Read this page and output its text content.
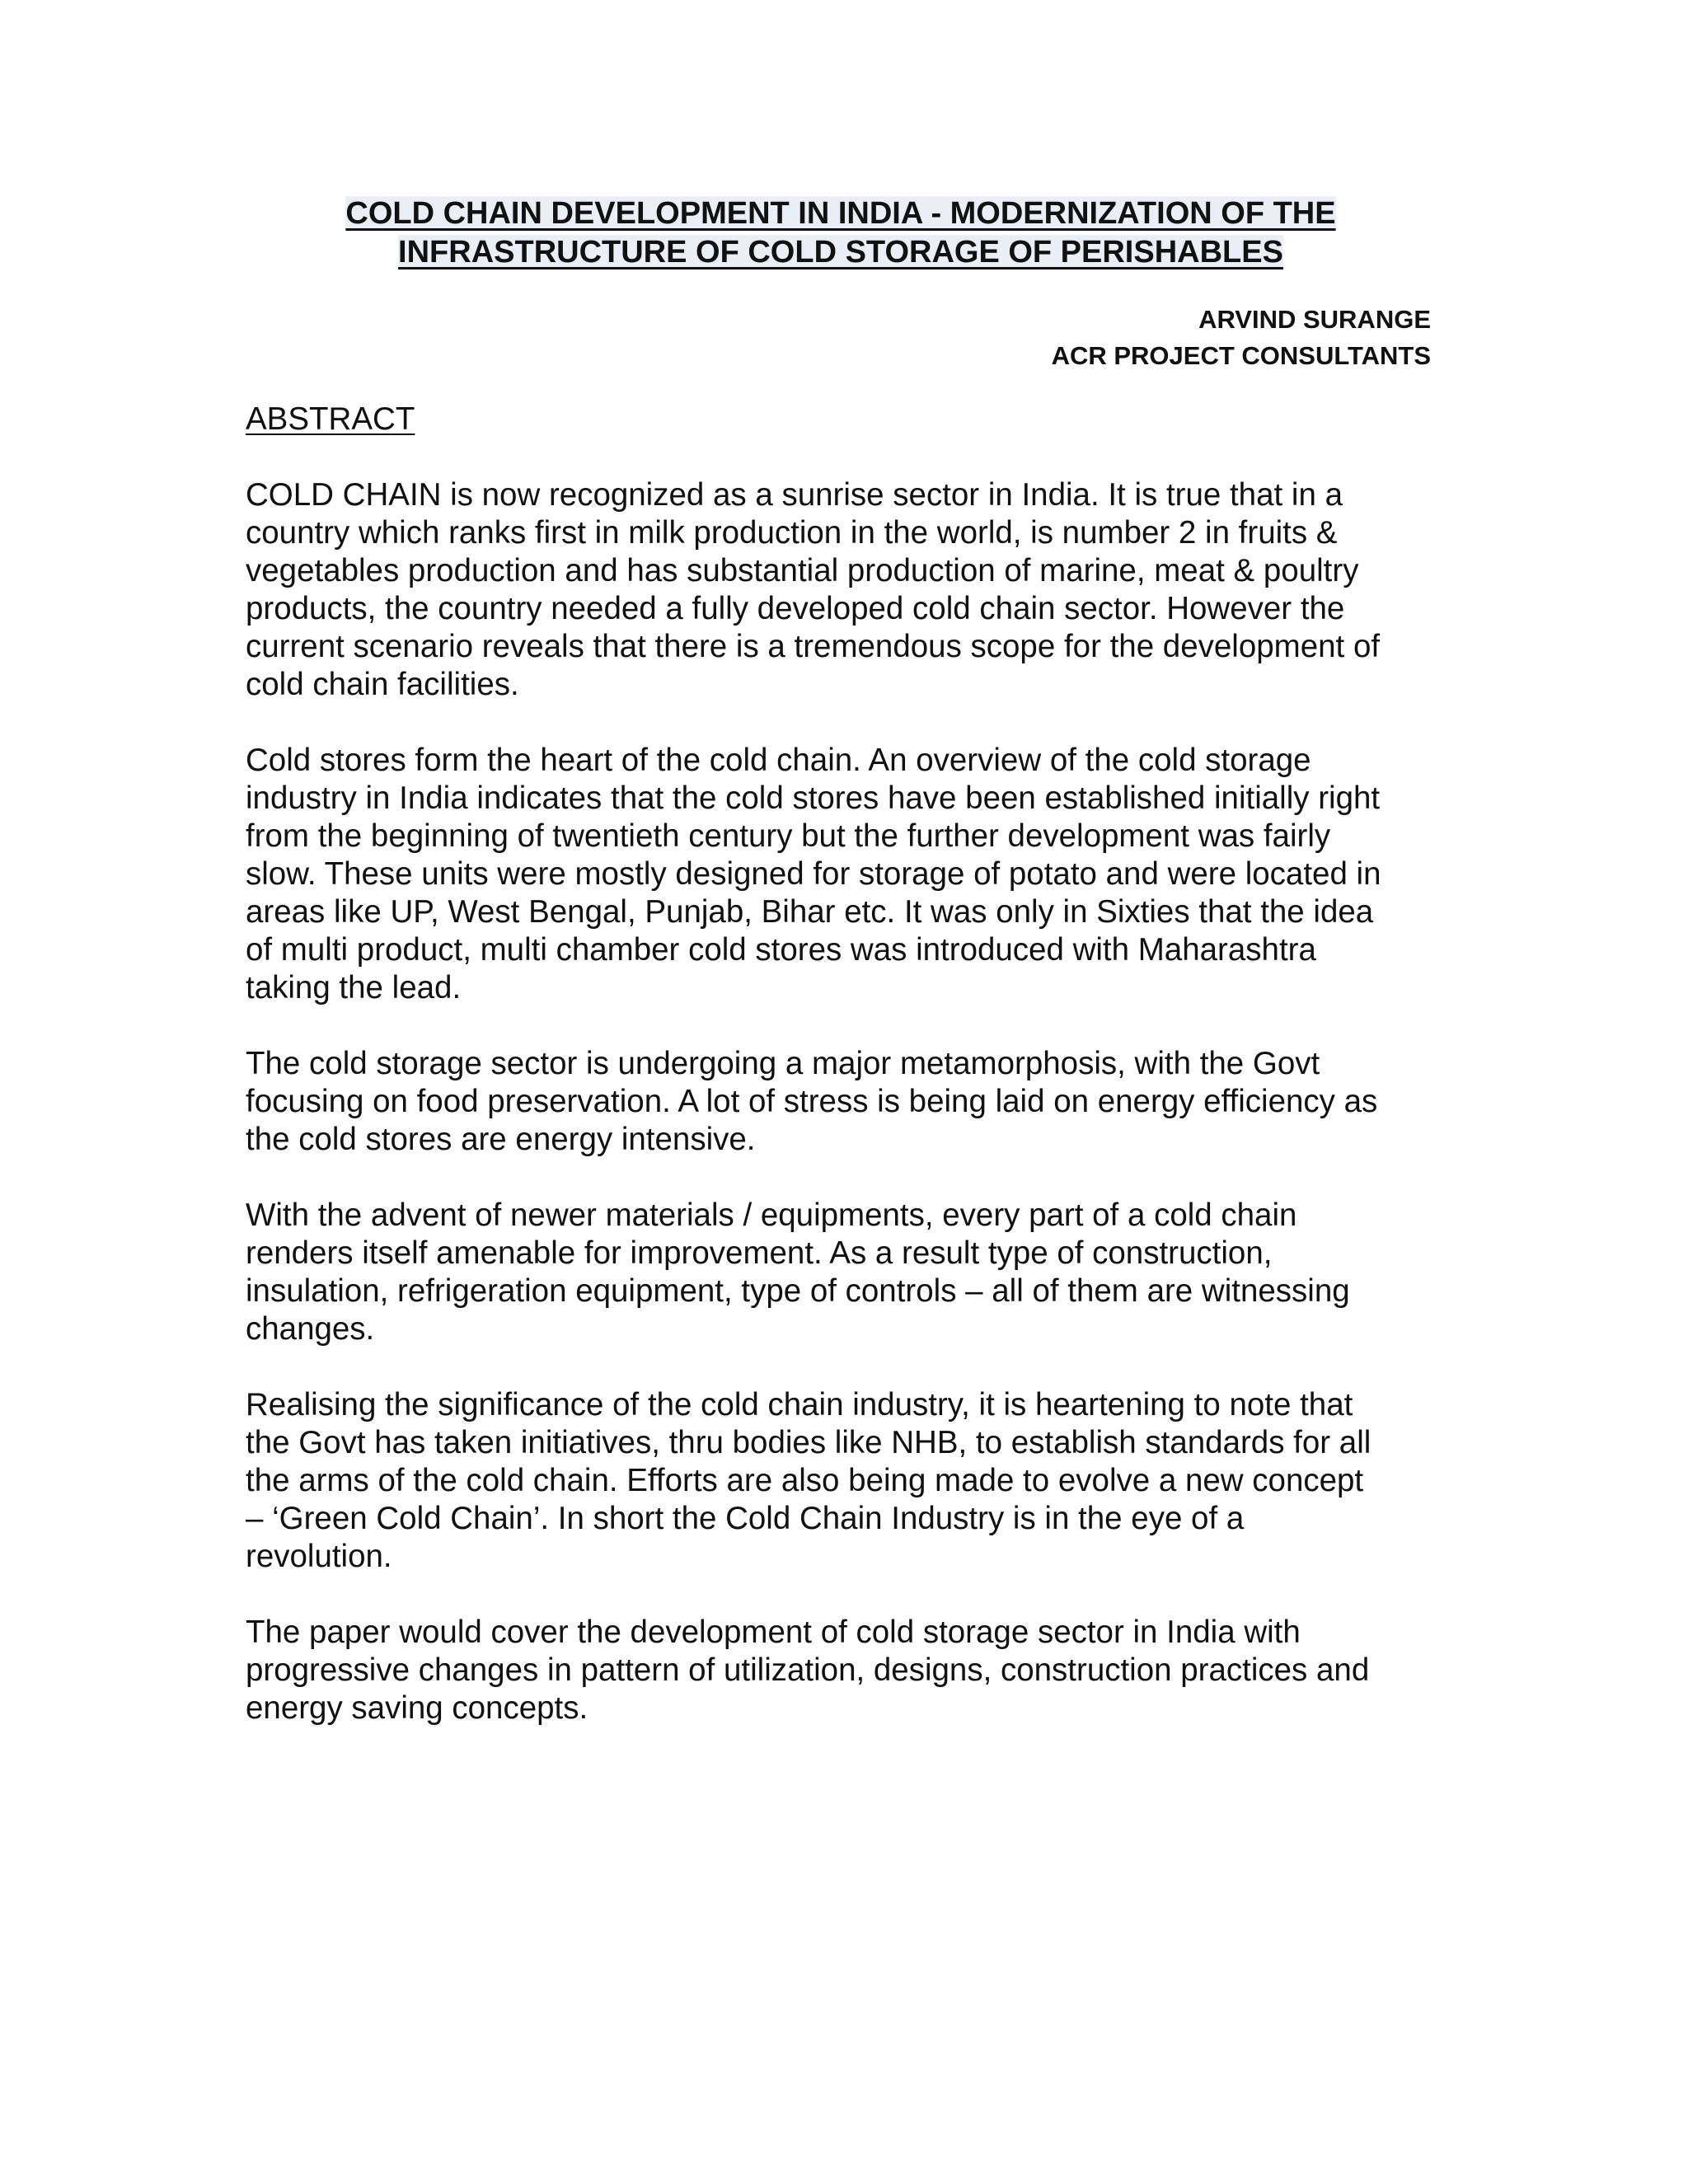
COLD CHAIN DEVELOPMENT IN INDIA - MODERNIZATION OF THE
INFRASTRUCTURE OF COLD STORAGE OF PERISHABLES
ARVIND SURANGE
ACR PROJECT CONSULTANTS
ABSTRACT
COLD CHAIN is now recognized as a sunrise sector in India. It is true that in a
country which ranks first in milk production in the world, is number 2 in fruits &
vegetables production and has substantial production of marine, meat & poultry
products, the country needed a fully developed cold chain sector. However the
current scenario reveals that there is a tremendous scope for the development of
cold chain facilities.
Cold stores form the heart of the cold chain. An overview of the cold storage
industry in India indicates that the cold stores have been established initially right
from the beginning of twentieth century but the further development was fairly
slow. These units were mostly designed for storage of potato and were located in
areas like UP, West Bengal, Punjab, Bihar etc. It was only in Sixties that the idea
of multi product, multi chamber cold stores was introduced with Maharashtra
taking the lead.
The cold storage sector is undergoing a major metamorphosis, with the Govt
focusing on food preservation. A lot of stress is being laid on energy efficiency as
the cold stores are energy intensive.
With the advent of newer materials / equipments, every part of a cold chain
renders itself amenable for improvement. As a result type of construction,
insulation, refrigeration equipment, type of controls – all of them are witnessing
changes.
Realising the significance of the cold chain industry, it is heartening to note that
the Govt has taken initiatives, thru bodies like NHB, to establish standards for all
the arms of the cold chain. Efforts are also being made to evolve a new concept
– ‘Green Cold Chain’. In short the Cold Chain Industry is in the eye of a
revolution.
The paper would cover the development of cold storage sector in India with
progressive changes in pattern of utilization, designs, construction practices and
energy saving concepts.
